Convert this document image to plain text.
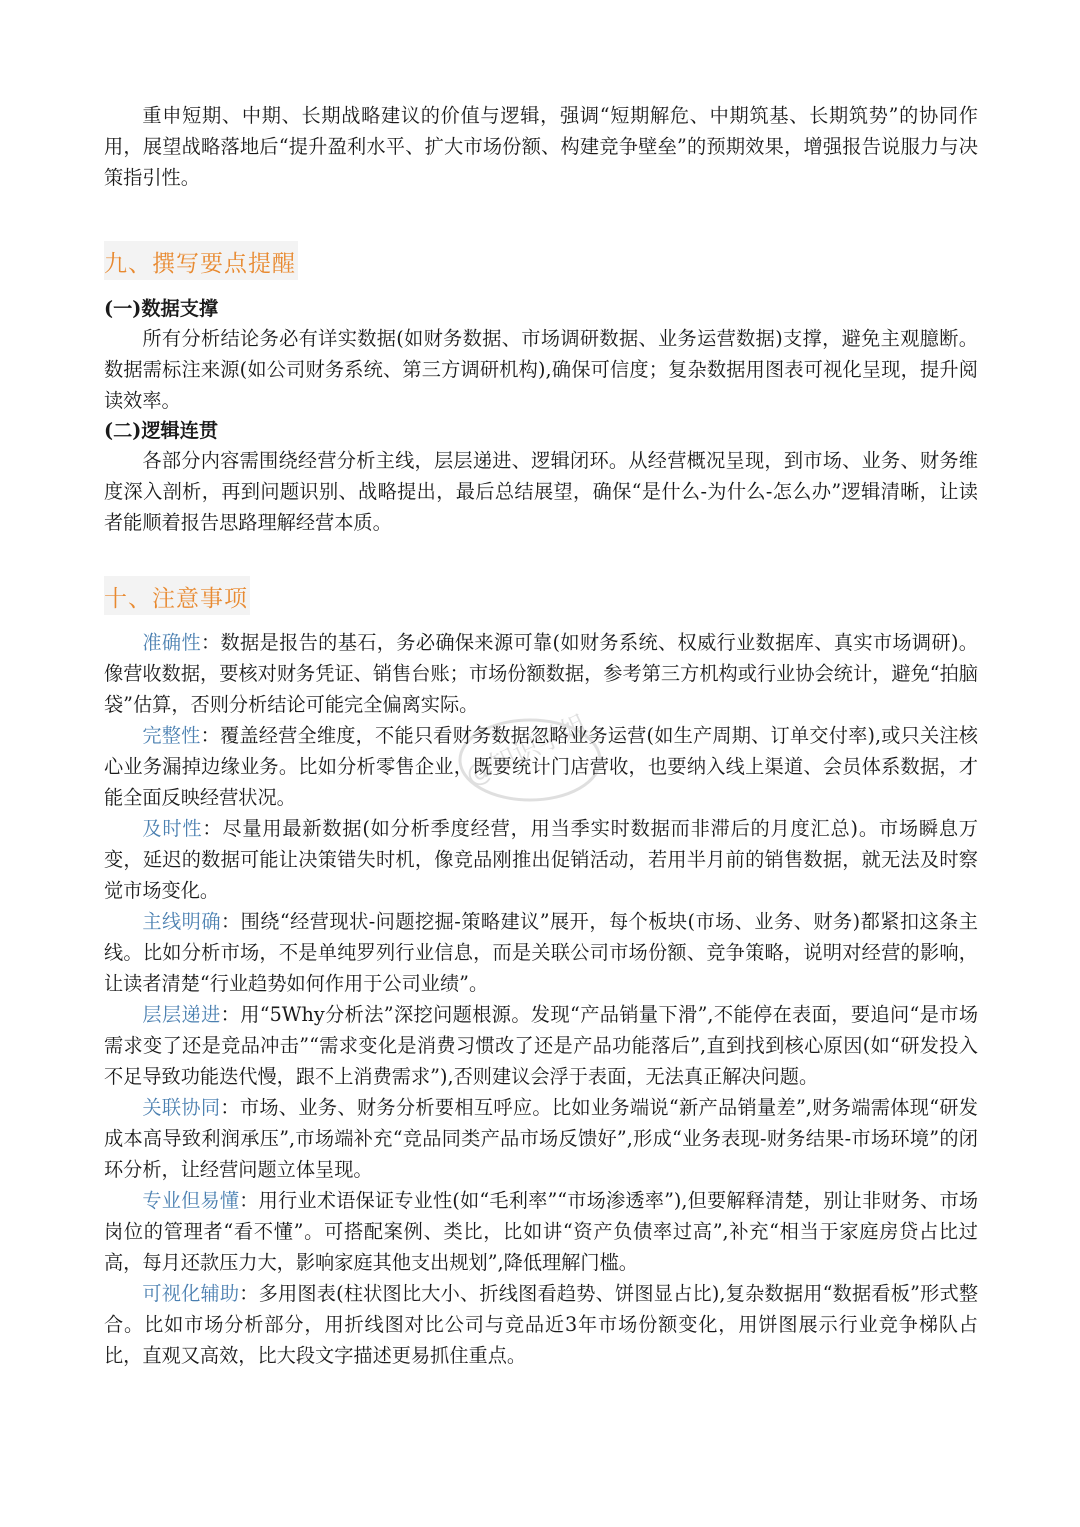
重申短期、中期、长期战略建议的价值与逻辑，强调“短期解危、中期筑基、长期筑势”的协同作用，展望战略落地后“提升盈利水平、扩大市场份额、构建竞争壁垒”的预期效果，增强报告说服力与决策指引性。

九、撰写要点提醒
(一)数据支撑

所有分析结论务必有详实数据(如财务数据、市场调研数据、业务运营数据)支撑，避免主观臆断。数据需标注来源(如公司财务系统、第三方调研机构),确保可信度；复杂数据用图表可视化呈现，提升阅读效率。

(二)逻辑连贯

各部分内容需围绕经营分析主线，层层递进、逻辑闭环。从经营概况呈现，到市场、业务、财务维度深入剖析，再到问题识别、战略提出，最后总结展望，确保“是什么-为什么-怎么办”逻辑清晰，让读者能顺着报告思路理解经营本质。

十、注意事项

准确性：数据是报告的基石，务必确保来源可靠(如财务系统、权威行业数据库、真实市场调研)。像营收数据，要核对财务凭证、销售台账；市场份额数据，参考第三方机构或行业协会统计，避免“拍脑袋”估算，否则分析结论可能完全偏离实际。

完整性：覆盖经营全维度，不能只看财务数据忽略业务运营(如生产周期、订单交付率),或只关注核心业务漏掉边缘业务。比如分析零售企业，既要统计门店营收，也要纳入线上渠道、会员体系数据，才能全面反映经营状况。

及时性：尽量用最新数据(如分析季度经营，用当季实时数据而非滞后的月度汇总)。市场瞬息万变，延迟的数据可能让决策错失时机，像竞品刚推出促销活动，若用半月前的销售数据，就无法及时察觉市场变化。

主线明确：围绕“经营现状-问题挖掘-策略建议”展开，每个板块(市场、业务、财务)都紧扣这条主线。比如分析市场，不是单纯罗列行业信息，而是关联公司市场份额、竞争策略，说明对经营的影响，让读者清楚“行业趋势如何作用于公司业绩”。

层层递进：用“5Why分析法”深挖问题根源。发现“产品销量下滑”,不能停在表面，要追问“是市场需求变了还是竞品冲击”“需求变化是消费习惯改了还是产品功能落后”,直到找到核心原因(如“研发投入不足导致功能迭代慢，跟不上消费需求”),否则建议会浮于表面，无法真正解决问题。

关联协同：市场、业务、财务分析要相互呼应。比如业务端说“新产品销量差”,财务端需体现“研发成本高导致利润承压”,市场端补充“竞品同类产品市场反馈好”,形成“业务表现-财务结果-市场环境”的闭环分析，让经营问题立体呈现。

专业但易懂：用行业术语保证专业性(如“毛利率”“市场渗透率”),但要解释清楚，别让非财务、市场岗位的管理者“看不懂”。可搭配案例、类比，比如讲“资产负债率过高”,补充“相当于家庭房贷占比过高，每月还款压力大，影响家庭其他支出规划”,降低理解门槛。

可视化辅助：多用图表(柱状图比大小、折线图看趋势、饼图显占比),复杂数据用“数据看板”形式整合。比如市场分析部分，用折线图对比公司与竞品近3年市场份额变化，用饼图展示行业竞争梯队占比，直观又高效，比大段文字描述更易抓住重点。

@知识学姐
